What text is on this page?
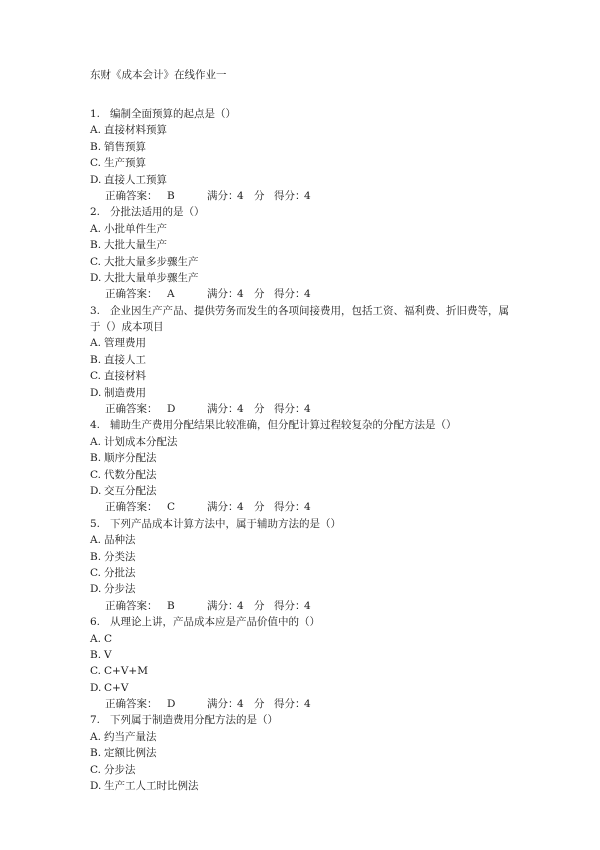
东财《成本会计》在线作业一
1. 编制全面预算的起点是（）
A. 直接材料预算
B. 销售预算
C. 生产预算
D. 直接人工预算
正确答案： B	满分：4 分 得分：4
2. 分批法适用的是（）
A. 小批单件生产
B. 大批大量生产
C. 大批大量多步骤生产
D. 大批大量单步骤生产
正确答案： A	满分：4 分 得分：4
3. 企业因生产产品、提供劳务而发生的各项间接费用，包括工资、福利费、折旧费等，属
于（）成本项目
A. 管理费用
B. 直接人工
C. 直接材料
D. 制造费用
正确答案： D	满分：4 分 得分：4
4. 辅助生产费用分配结果比较准确，但分配计算过程较复杂的分配方法是（）
A. 计划成本分配法
B. 顺序分配法
C. 代数分配法
D. 交互分配法
正确答案： C	满分：4 分 得分：4
5. 下列产品成本计算方法中，属于辅助方法的是（）
A. 品种法
B. 分类法
C. 分批法
D. 分步法
正确答案： B	满分：4 分 得分：4
6. 从理论上讲，产品成本应是产品价值中的（）
A. C
B. V
C. C+V+M
D. C+V
正确答案： D	满分：4 分 得分：4
7. 下列属于制造费用分配方法的是（）
A. 约当产量法
B. 定额比例法
C. 分步法
D. 生产工人工时比例法
